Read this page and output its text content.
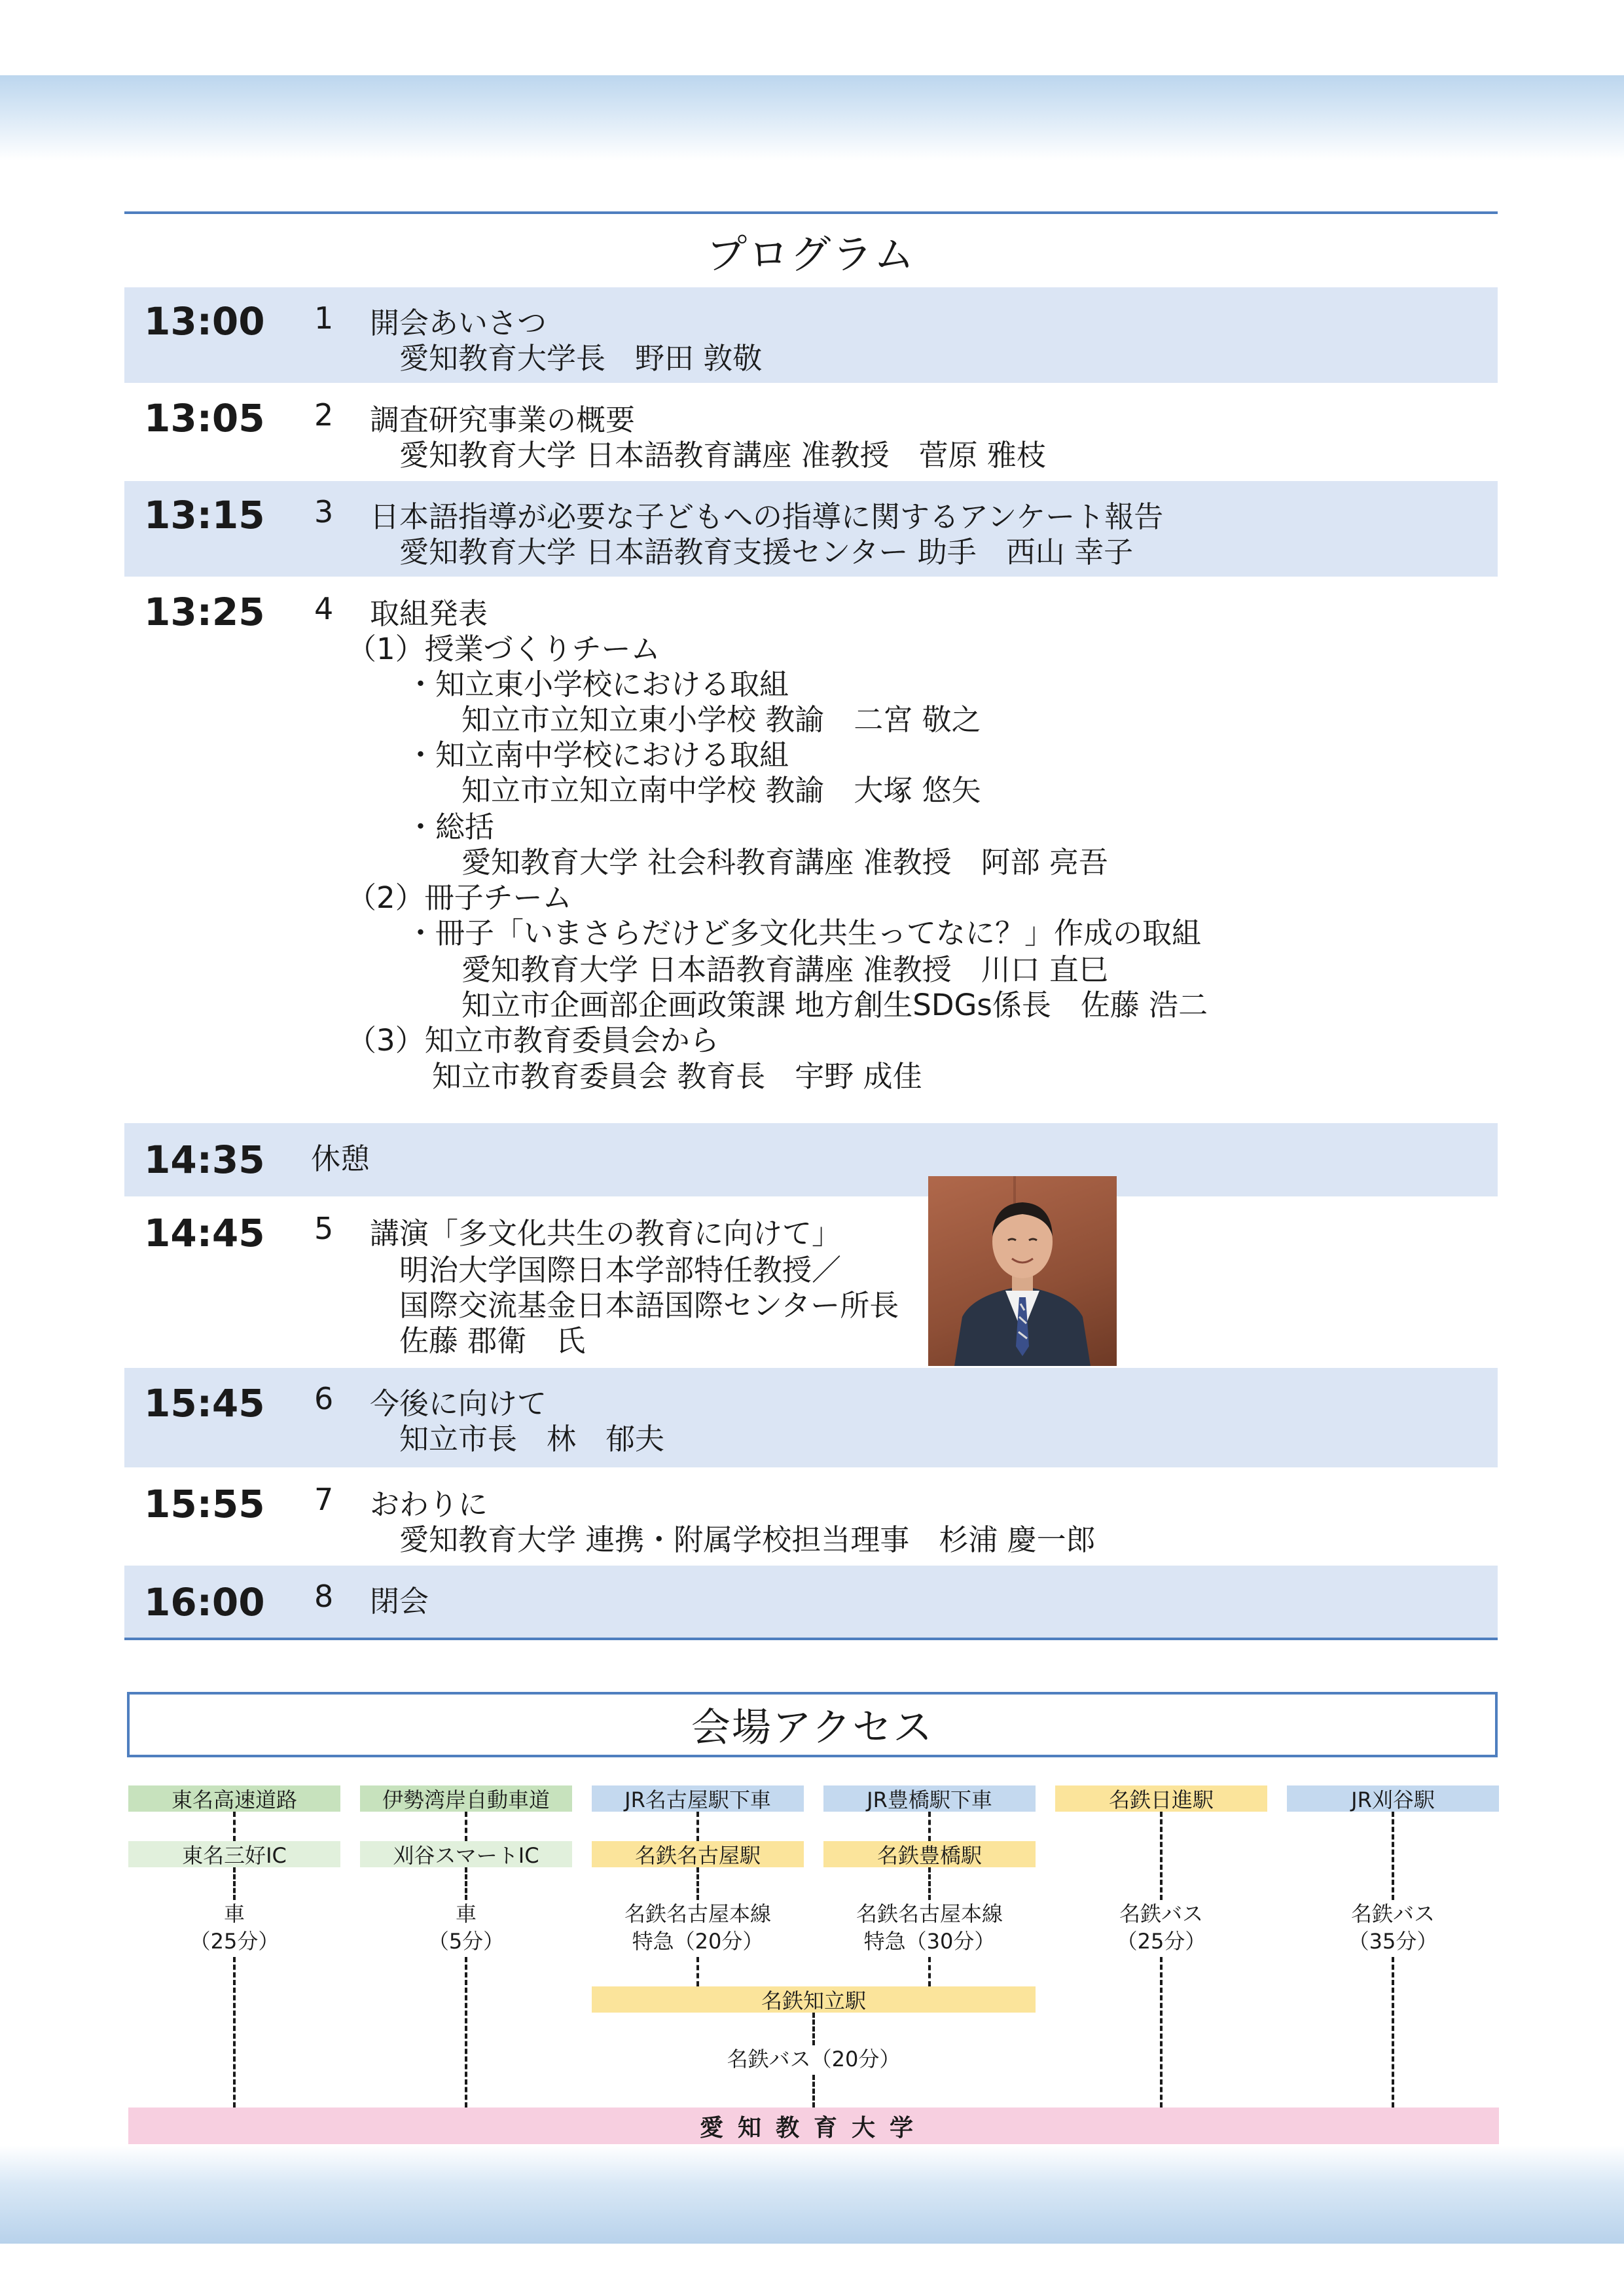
プログラム
13:00 1 開会あいさつ
愛知教育大学長　野田 敦敬
13:05 2 調査研究事業の概要
愛知教育大学 日本語教育講座 准教授　菅原 雅枝
13:15 3 日本語指導が必要な子どもへの指導に関するアンケート報告
愛知教育大学 日本語教育支援センター 助手　西山 幸子
13:25 4 取組発表
（1）授業づくりチーム
・知立東小学校における取組
知立市立知立東小学校 教諭　二宮 敬之
・知立南中学校における取組
知立市立知立南中学校 教諭　大塚 悠矢
・総括
愛知教育大学 社会科教育講座 准教授　阿部 亮吾
（2）冊子チーム
・冊子「いまさらだけど多文化共生ってなに？」作成の取組
愛知教育大学 日本語教育講座 准教授　川口 直巳
知立市企画部企画政策課 地方創生SDGs係長　佐藤 浩二
（3）知立市教育委員会から
知立市教育委員会 教育長　宇野 成佳
14:35 休憩
14:45 5 講演「多文化共生の教育に向けて」
明治大学国際日本学部特任教授／
国際交流基金日本語国際センター所長
佐藤 郡衛　氏
15:45 6 今後に向けて
知立市長　林　郁夫
15:55 7 おわりに
愛知教育大学 連携・附属学校担当理事　杉浦 慶一郎
16:00 8 閉会
会場アクセス
東名高速道路
東名三好IC
車
（25分）
伊勢湾岸自動車道
刈谷スマートIC
車
（5分）
JR名古屋駅下車
名鉄名古屋駅
名鉄名古屋本線
特急（20分）
JR豊橋駅下車
名鉄豊橋駅
名鉄名古屋本線
特急（30分）
名鉄知立駅
名鉄バス（20分）
名鉄日進駅
名鉄バス
（25分）
JR刈谷駅
名鉄バス
（35分）
愛知教育大学
